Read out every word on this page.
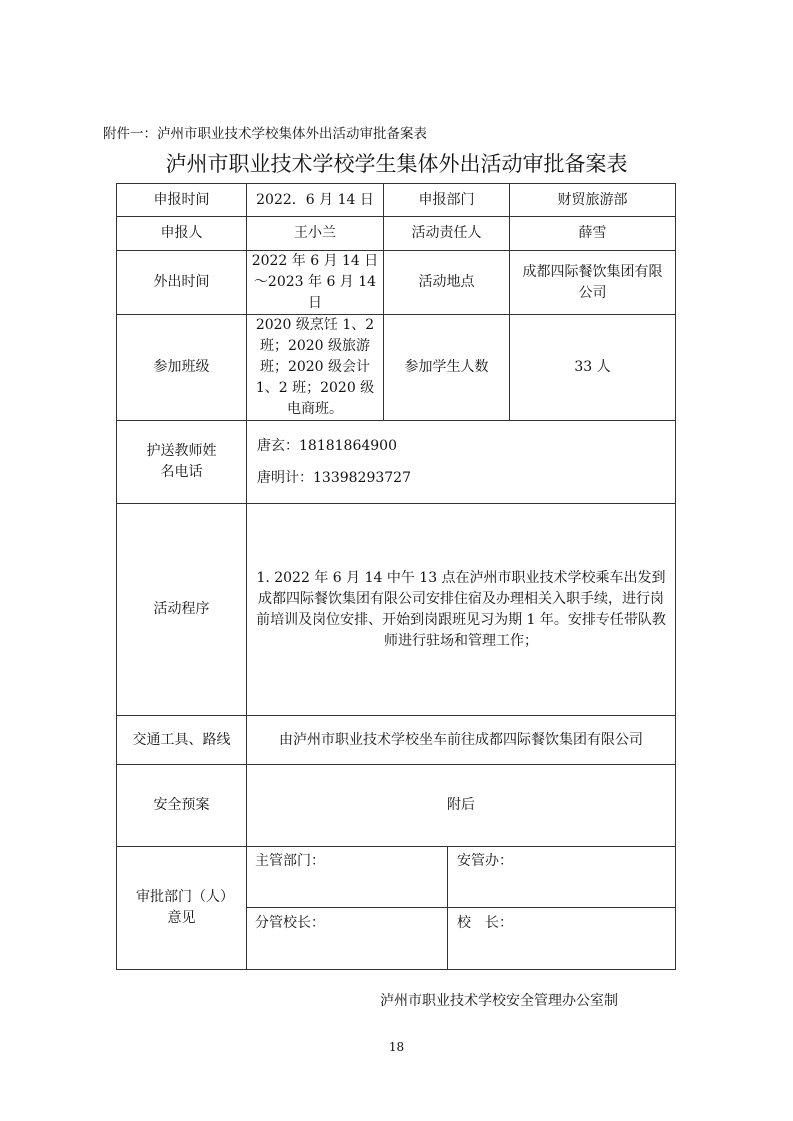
附件一：泸州市职业技术学校集体外出活动审批备案表
泸州市职业技术学校学生集体外出活动审批备案表
申报时间	2022．6 月 14 日	申报部门	财贸旅游部
申报人	王小兰	活动责任人	薛雪
外出时间	2022 年 6 月 14 日～2023 年 6 月 14 日	活动地点	成都四际餐饮集团有限公司
参加班级	2020 级烹饪 1、2 班；2020 级旅游班；2020 级会计 1、2 班；2020 级电商班。	参加学生人数	33 人
护送教师姓名电话	唐玄：18181864900
唐明计：13398293727		

活动程序	1. 2022 年 6 月 14 中午 13 点在泸州市职业技术学校乘车出发到成都四际餐饮集团有限公司安排住宿及办理相关入职手续，进行岗前培训及岗位安排、开始到岗跟班见习为期 1 年。安排专任带队教师进行驻场和管理工作；		
交通工具、路线	由泸州市职业技术学校坐车前往成都四际餐饮集团有限公司		
安全预案	附后		
审批部门（人）意见	主管部门： 安管办：
分管校长： 校　长：		
泸州市职业技术学校安全管理办公室制
18
